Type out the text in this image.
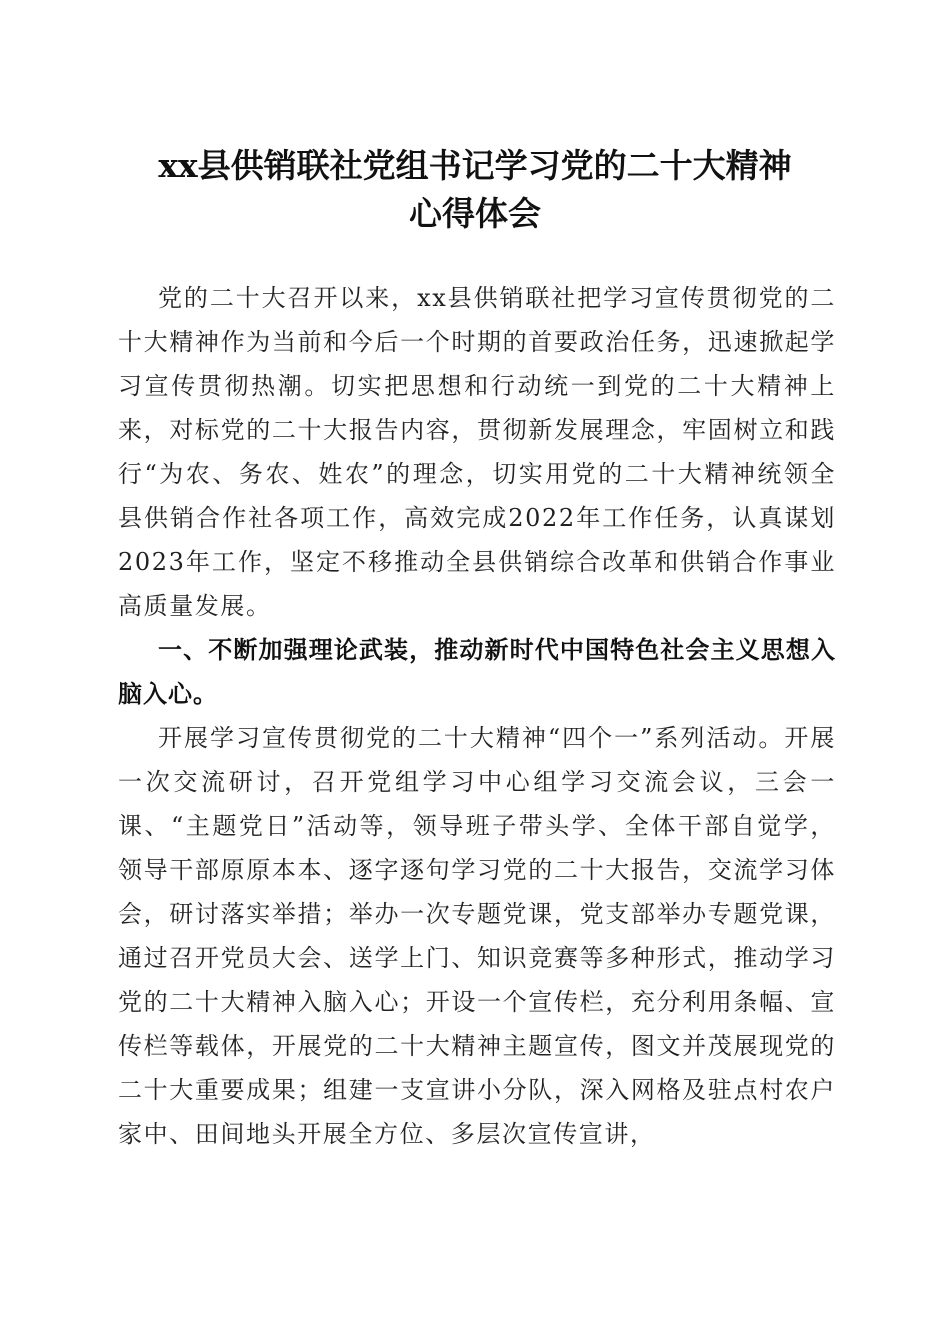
xx县供销联社党组书记学习党的二十大精神
心得体会

党的二十大召开以来，xx县供销联社把学习宣传贯彻党的二十大精神作为当前和今后一个时期的首要政治任务，迅速掀起学习宣传贯彻热潮。切实把思想和行动统一到党的二十大精神上来，对标党的二十大报告内容，贯彻新发展理念，牢固树立和践行“为农、务农、姓农”的理念，切实用党的二十大精神统领全县供销合作社各项工作，高效完成2022年工作任务，认真谋划2023年工作，坚定不移推动全县供销综合改革和供销合作事业高质量发展。

一、不断加强理论武装，推动新时代中国特色社会主义思想入脑入心。

开展学习宣传贯彻党的二十大精神“四个一”系列活动。开展一次交流研讨，召开党组学习中心组学习交流会议，三会一课、“主题党日”活动等，领导班子带头学、全体干部自觉学，领导干部原原本本、逐字逐句学习党的二十大报告，交流学习体会，研讨落实举措；举办一次专题党课，党支部举办专题党课，通过召开党员大会、送学上门、知识竞赛等多种形式，推动学习党的二十大精神入脑入心；开设一个宣传栏，充分利用条幅、宣传栏等载体，开展党的二十大精神主题宣传，图文并茂展现党的二十大重要成果；组建一支宣讲小分队，深入网格及驻点村农户家中、田间地头开展全方位、多层次宣传宣讲，
